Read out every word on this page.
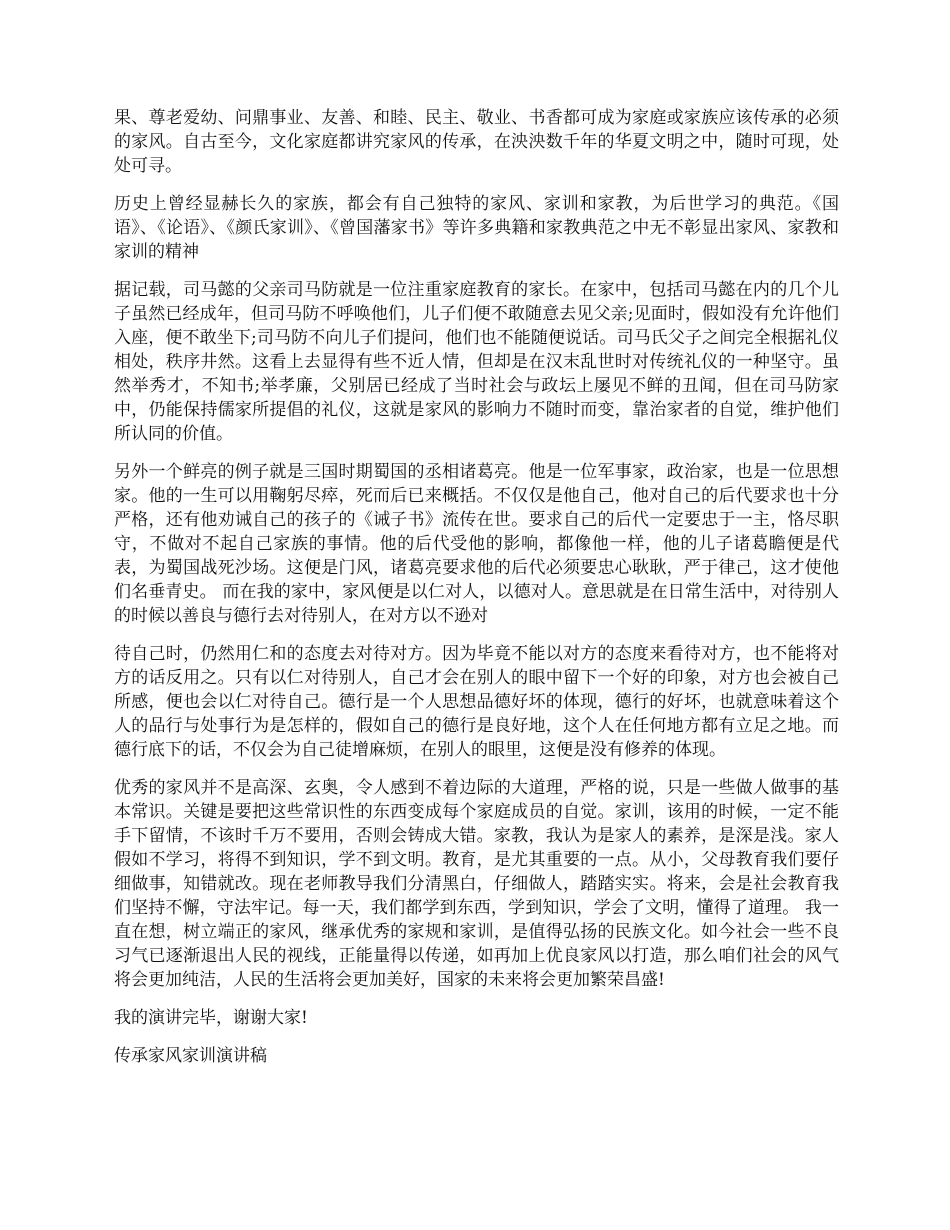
果、尊老爱幼、问鼎事业、友善、和睦、民主、敬业、书香都可成为家庭或家族应该传承的必须的家风。自古至今，文化家庭都讲究家风的传承，在泱泱数千年的华夏文明之中，随时可现，处处可寻。

历史上曾经显赫长久的家族，都会有自己独特的家风、家训和家教，为后世学习的典范。《国语》、《论语》、《颜氏家训》、《曾国藩家书》等许多典籍和家教典范之中无不彰显出家风、家教和家训的精神

据记载，司马懿的父亲司马防就是一位注重家庭教育的家长。在家中，包括司马懿在内的几个儿子虽然已经成年，但司马防不呼唤他们，儿子们便不敢随意去见父亲;见面时，假如没有允许他们入座，便不敢坐下;司马防不向儿子们提问，他们也不能随便说话。司马氏父子之间完全根据礼仪相处，秩序井然。这看上去显得有些不近人情，但却是在汉末乱世时对传统礼仪的一种坚守。虽然举秀才，不知书;举孝廉，父别居已经成了当时社会与政坛上屡见不鲜的丑闻，但在司马防家中，仍能保持儒家所提倡的礼仪，这就是家风的影响力不随时而变，靠治家者的自觉，维护他们所认同的价值。

另外一个鲜亮的例子就是三国时期蜀国的丞相诸葛亮。他是一位军事家，政治家，也是一位思想家。他的一生可以用鞠躬尽瘁，死而后已来概括。不仅仅是他自己，他对自己的后代要求也十分严格，还有他劝诫自己的孩子的《诫子书》流传在世。要求自己的后代一定要忠于一主，恪尽职守，不做对不起自己家族的事情。他的后代受他的影响，都像他一样，他的儿子诸葛瞻便是代表，为蜀国战死沙场。这便是门风，诸葛亮要求他的后代必须要忠心耿耿，严于律己，这才使他们名垂青史。 而在我的家中，家风便是以仁对人，以德对人。意思就是在日常生活中，对待别人的时候以善良与德行去对待别人，在对方以不逊对

待自己时，仍然用仁和的态度去对待对方。因为毕竟不能以对方的态度来看待对方，也不能将对方的话反用之。只有以仁对待别人，自己才会在别人的眼中留下一个好的印象，对方也会被自己所感，便也会以仁对待自己。德行是一个人思想品德好坏的体现，德行的好坏，也就意味着这个人的品行与处事行为是怎样的，假如自己的德行是良好地，这个人在任何地方都有立足之地。而德行底下的话，不仅会为自己徒增麻烦，在别人的眼里，这便是没有修养的体现。

优秀的家风并不是高深、玄奥，令人感到不着边际的大道理，严格的说，只是一些做人做事的基本常识。关键是要把这些常识性的东西变成每个家庭成员的自觉。家训，该用的时候，一定不能手下留情，不该时千万不要用，否则会铸成大错。家教，我认为是家人的素养，是深是浅。家人假如不学习，将得不到知识，学不到文明。教育，是尤其重要的一点。从小，父母教育我们要仔细做事，知错就改。现在老师教导我们分清黑白，仔细做人，踏踏实实。将来，会是社会教育我们坚持不懈，守法牢记。每一天，我们都学到东西，学到知识，学会了文明，懂得了道理。 我一直在想，树立端正的家风，继承优秀的家规和家训，是值得弘扬的民族文化。如今社会一些不良习气已逐渐退出人民的视线，正能量得以传递，如再加上优良家风以打造，那么咱们社会的风气将会更加纯洁，人民的生活将会更加美好，国家的未来将会更加繁荣昌盛!

我的演讲完毕，谢谢大家!

传承家风家训演讲稿
